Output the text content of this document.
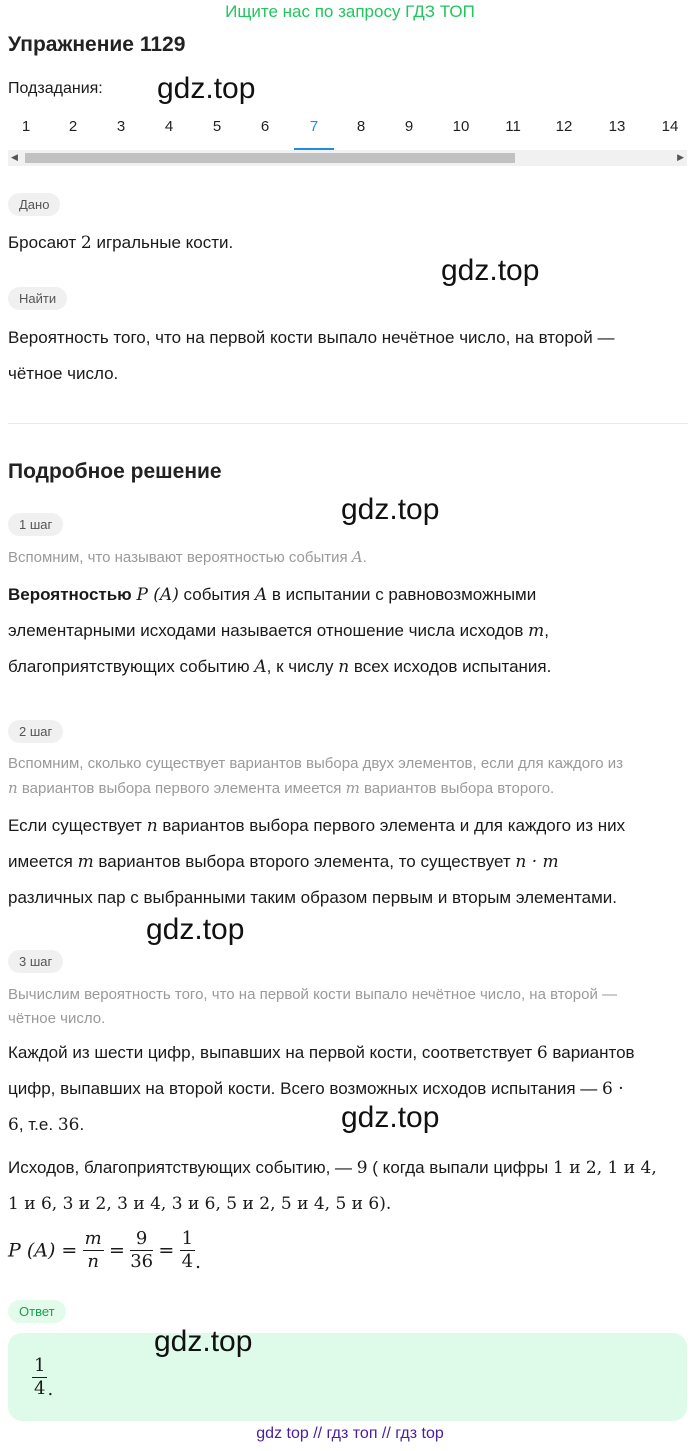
Ищите нас по запросу ГДЗ ТОП
Упражнение 1129
Подзадания: gdz.top
1	2	3	4	5	6	7	8	9	10 11 12 13 14
◀	▶
Дано
Бросают 2 игральные кости.
gdz.top
Найти
Вероятность того, что на первой кости выпало нечётное число, на второй —
чётное число.
Подробное решение
gdz.top
1 шаг
Вспомним, что называют вероятностью события A.
Вероятностью P (A) события A в испытании с равновозможными
элементарными исходами называется отношение числа исходов m,
благоприятствующих событию A, к числу n всех исходов испытания.
2 шаг
Вспомним, сколько существует вариантов выбора двух элементов, если для каждого из
n вариантов выбора первого элемента имеется m вариантов выбора второго.
Если существует n вариантов выбора первого элемента и для каждого из них
имеется m вариантов выбора второго элемента, то существует n · m
различных пар с выбранными таким образом первым и вторым элементами.
gdz.top
3 шаг
Вычислим вероятность того, что на первой кости выпало нечётное число, на второй —
чётное число.
Каждой из шести цифр, выпавших на первой кости, соответствует 6 вариантов
цифр, выпавших на второй кости. Всего возможных исходов испытания — 6 ·
6, т.е. 36.	gdz.top
Исходов, благоприятствующих событию, — 9 ( когда выпали цифры 1 и 2, 1 и 4,
1 и 6, 3 и 2, 3 и 4, 3 и 6, 5 и 2, 5 и 4, 5 и 6).
P $(A) = \frac{m}{n} = \frac{9}{36} = \frac{1}{4}$ .
Ответ
$\frac{1}{4}$ .
gdz.top
gdz top // гдз топ // гдз top
